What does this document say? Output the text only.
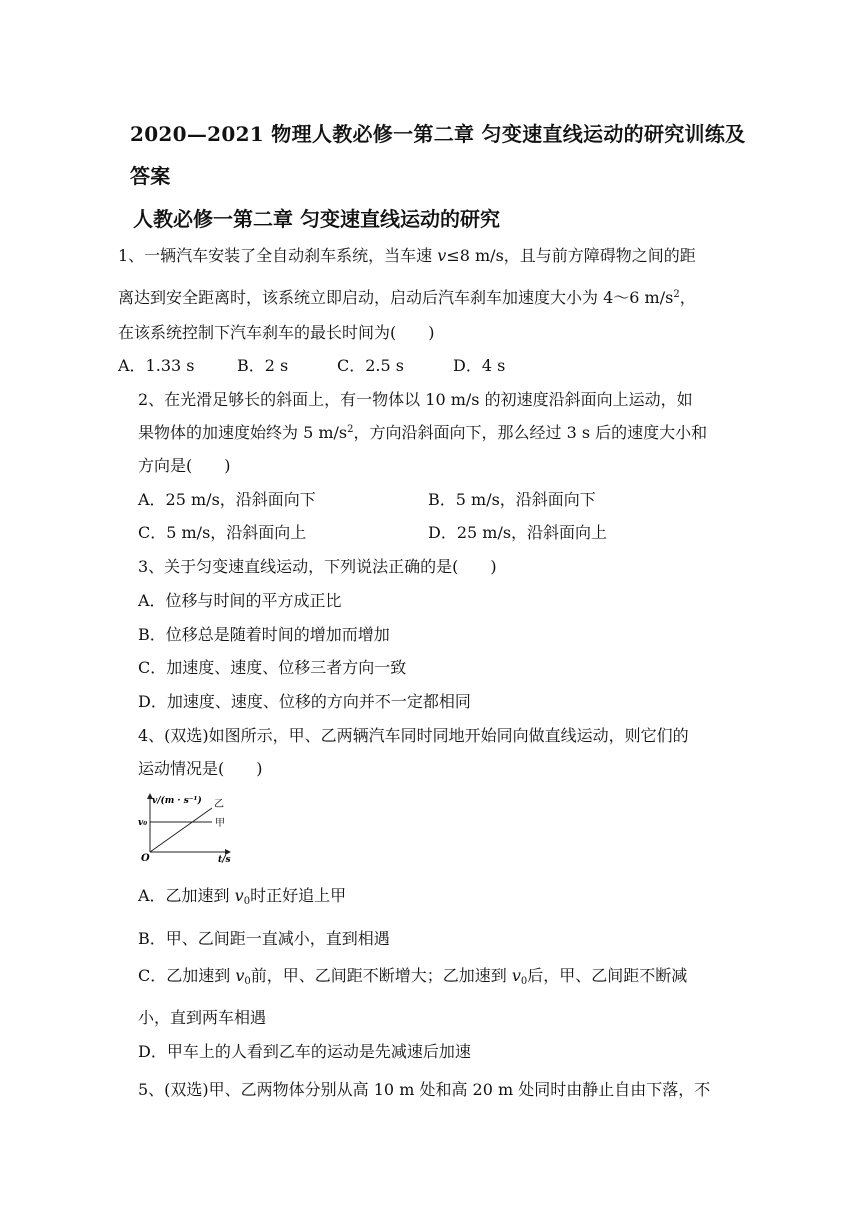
2020—2021 物理人教必修一第二章 匀变速直线运动的研究训练及
答案
人教必修一第二章 匀变速直线运动的研究
1、一辆汽车安装了全自动刹车系统，当车速 v≤8 m/s，且与前方障碍物之间的距
离达到安全距离时，该系统立即启动，启动后汽车刹车加速度大小为 4～6 $m/s^2$，
在该系统控制下汽车刹车的最长时间为(　　)
A．1.33 s	B．2 s	C．2.5 s	D．4 s
2、在光滑足够长的斜面上，有一物体以 10 m/s 的初速度沿斜面向上运动，如
果物体的加速度始终为 5 $m/s^2$，方向沿斜面向下，那么经过 3 s 后的速度大小和
方向是(　　)
A．25 m/s，沿斜面向下	B．5 m/s，沿斜面向下
C．5 m/s，沿斜面向上	D．25 m/s，沿斜面向上
3、关于匀变速直线运动，下列说法正确的是(　　)
A．位移与时间的平方成正比
B．位移总是随着时间的增加而增加
C．加速度、速度、位移三者方向一致
D．加速度、速度、位移的方向并不一定都相同
4、(双选)如图所示，甲、乙两辆汽车同时同地开始同向做直线运动，则它们的
运动情况是(　　)
v/(m · s⁻¹)
t/s
O
v₀	甲
乙
A．乙加速到 $v_0$时正好追上甲
B．甲、乙间距一直减小，直到相遇
C．乙加速到 $v_0$前，甲、乙间距不断增大；乙加速到 $v_0$后，甲、乙间距不断减
小，直到两车相遇
D．甲车上的人看到乙车的运动是先减速后加速
5、(双选)甲、乙两物体分别从高 10 m 处和高 20 m 处同时由静止自由下落，不
